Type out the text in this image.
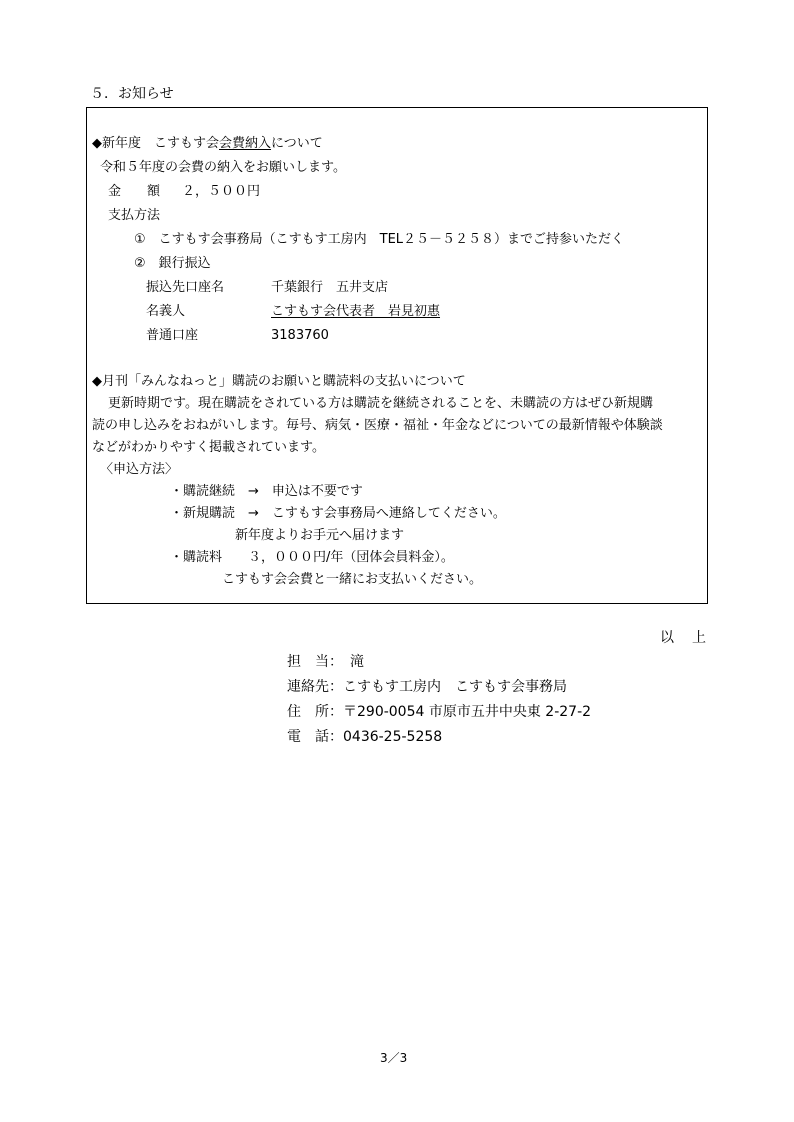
５．お知らせ
◆新年度　こすもす会会費納入について
令和５年度の会費の納入をお願いします。
金　　額 ２，５００円
支払方法
①　こすもす会事務局（こすもす工房内　TEL２５－５２５８）までご持参いただく
②　銀行振込
振込先口座名	千葉銀行　五井支店
名義人	こすもす会代表者　岩見初惠
普通口座	3183760
◆月刊「みんなねっと」購読のお願いと購読料の支払いについて
更新時期です。現在購読をされている方は購読を継続されることを、未購読の方はぜひ新規購
読の申し込みをおねがいします。毎号、病気・医療・福祉・年金などについての最新情報や体験談
などがわかりやすく掲載されています。
〈申込方法〉
・購読継続　→　申込は不要です
・新規購読　→　こすもす会事務局へ連絡してください。
新年度よりお手元へ届けます
・購読料　　３，０００円/年（団体会員料金）。
こすもす会会費と一緒にお支払いください。
以　上
担　当：　滝
連絡先：こすもす工房内　こすもす会事務局
住　所：〒290-0054 市原市五井中央東 2-27-2
電　話：0436-25-5258
3／3
